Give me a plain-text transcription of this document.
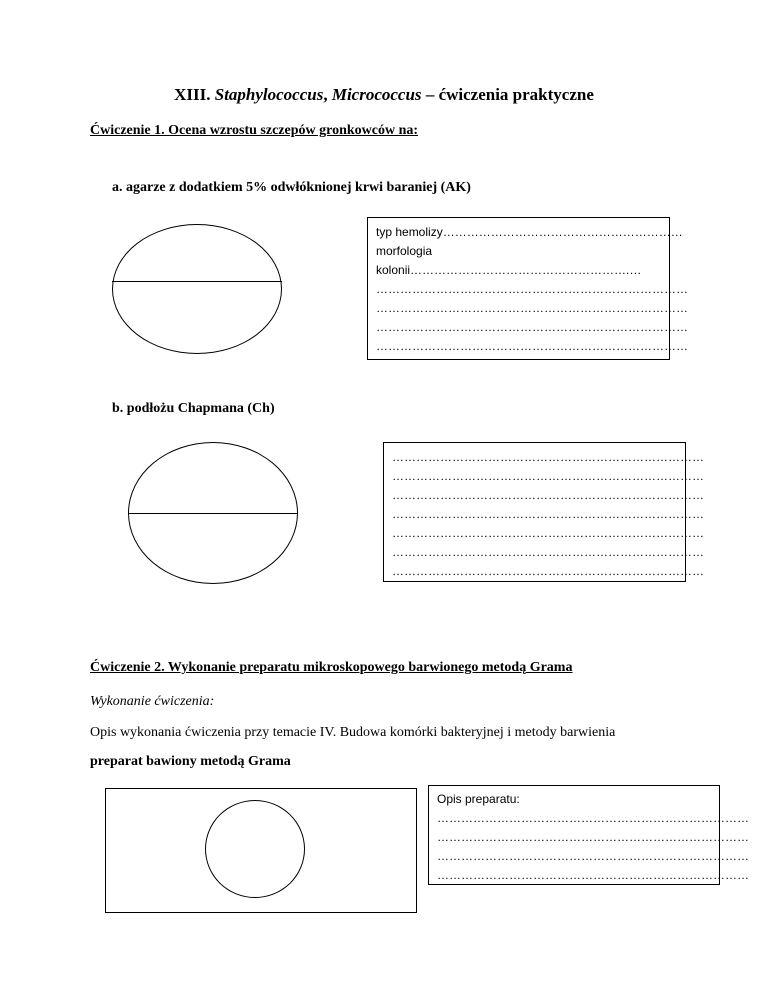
XIII. Staphylococcus, Micrococcus – ćwiczenia praktyczne
Ćwiczenie 1. Ocena wzrostu szczepów gronkowców na:
a. agarze z dodatkiem 5% odwłóknionej krwi baraniej (AK)
typ hemolizy……………………………………………………
morfologia
kolonii……………………………………………….…
……………………………………………………………………
……………………………………………………………………
……………………………………………………………………
……………………………………………………………………
b. podłożu Chapmana (Ch)
……………………………………………………………………
……………………………………………………………………
……………………………………………………………………
……………………………………………………………………
……………………………………………………………………
……………………………………………………………………
……………………………………………………………………
Ćwiczenie 2. Wykonanie preparatu mikroskopowego barwionego metodą Grama
Wykonanie ćwiczenia:
Opis wykonania ćwiczenia przy temacie IV. Budowa komórki bakteryjnej i metody barwienia
preparat bawiony metodą Grama
Opis preparatu:
……………………………………………………………………
……………………………………………………………………
……………………………………………………………………
……………………………………………………………………
